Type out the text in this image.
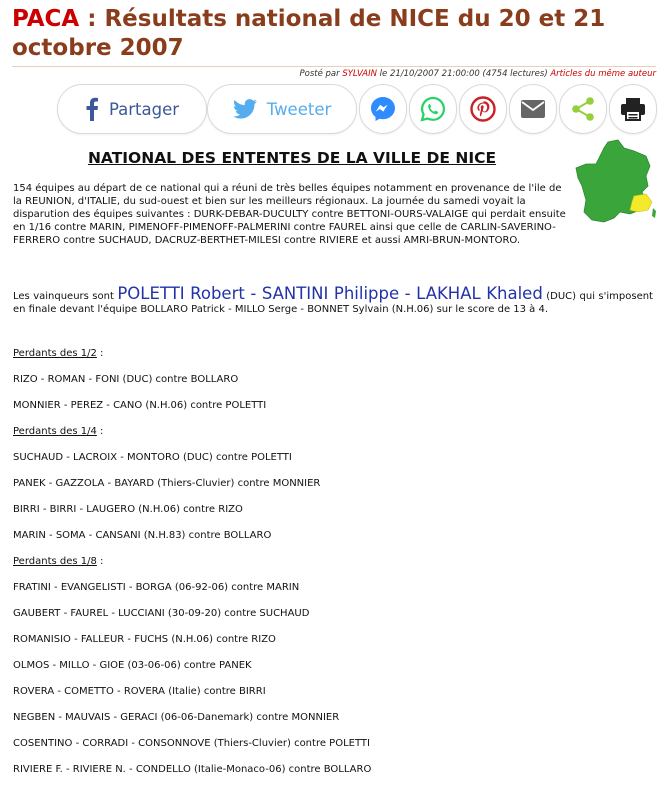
PACA : Résultats national de NICE du 20 et 21 octobre 2007
Posté par SYLVAIN le 21/10/2007 21:00:00 (4754 lectures) Articles du même auteur
Partager	Tweeter
NATIONAL DES ENTENTES DE LA VILLE DE NICE

154 équipes au départ de ce national qui a réuni de très belles équipes notamment en provenance de l'ile de la REUNION, d'ITALIE, du sud-ouest et bien sur les meilleurs régionaux. La journée du samedi voyait la disparution des équipes suivantes : DURK-DEBAR-DUCULTY contre BETTONI-OURS-VALAIGE qui perdait ensuite en 1/16 contre MARIN, PIMENOFF-PIMENOFF-PALMERINI contre FAUREL ainsi que celle de CARLIN-SAVERINO-FERRERO contre SUCHAUD, DACRUZ-BERTHET-MILESI contre RIVIERE et aussi AMRI-BRUN-MONTORO.

Les vainqueurs sont POLETTI Robert - SANTINI Philippe - LAKHAL Khaled (DUC) qui s'imposent en finale devant l'équipe BOLLARO Patrick - MILLO Serge - BONNET Sylvain (N.H.06) sur le score de 13 à 4.

Perdants des 1/2 :

RIZO - ROMAN - FONI (DUC) contre BOLLARO

MONNIER - PEREZ - CANO (N.H.06) contre POLETTI

Perdants des 1/4 :

SUCHAUD - LACROIX - MONTORO (DUC) contre POLETTI

PANEK - GAZZOLA - BAYARD (Thiers-Cluvier) contre MONNIER

BIRRI - BIRRI - LAUGERO (N.H.06) contre RIZO

MARIN - SOMA - CANSANI (N.H.83) contre BOLLARO

Perdants des 1/8 :

FRATINI - EVANGELISTI - BORGA (06-92-06) contre MARIN

GAUBERT - FAUREL - LUCCIANI (30-09-20) contre SUCHAUD

ROMANISIO - FALLEUR - FUCHS (N.H.06) contre RIZO

OLMOS - MILLO - GIOE (03-06-06) contre PANEK

ROVERA - COMETTO - ROVERA (Italie) contre BIRRI

NEGBEN - MAUVAIS - GERACI (06-06-Danemark) contre MONNIER

COSENTINO - CORRADI - CONSONNOVE (Thiers-Cluvier) contre POLETTI

RIVIERE F. - RIVIERE N. - CONDELLO (Italie-Monaco-06) contre BOLLARO
